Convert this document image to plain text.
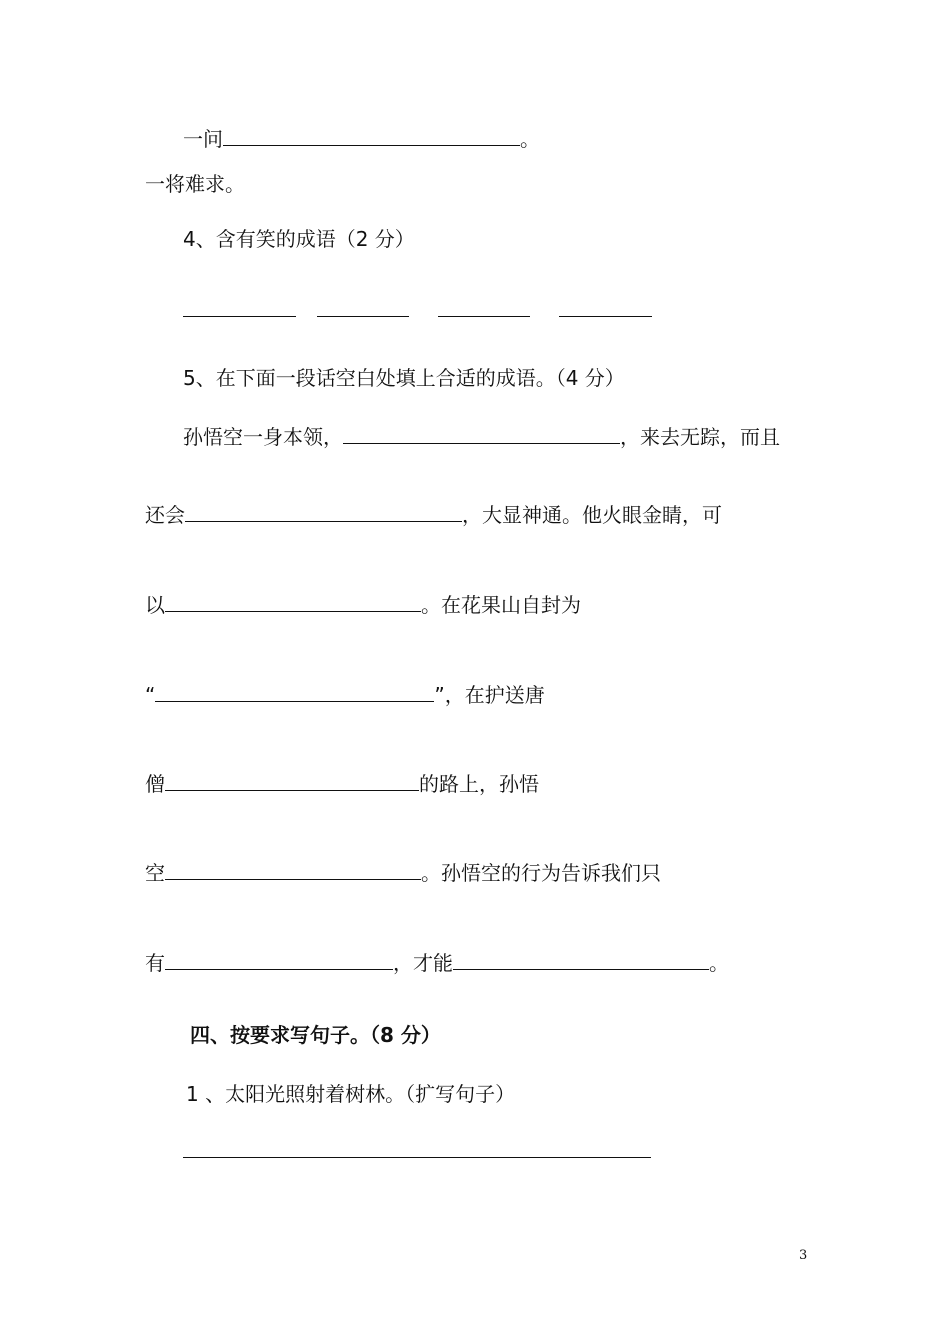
一问	。
一将难求。
4、含有笑的成语（2 分）
5、在下面一段话空白处填上合适的成语。（4 分）
孙悟空一身本领，	，来去无踪，而且
还会	，大显神通。他火眼金睛，可
以	。在花果山自封为
“	”，在护送唐
僧	的路上，孙悟
空	。孙悟空的行为告诉我们只
有	，才能	。
四、按要求写句子。（8 分）
1 、太阳光照射着树林。（扩写句子）
3
